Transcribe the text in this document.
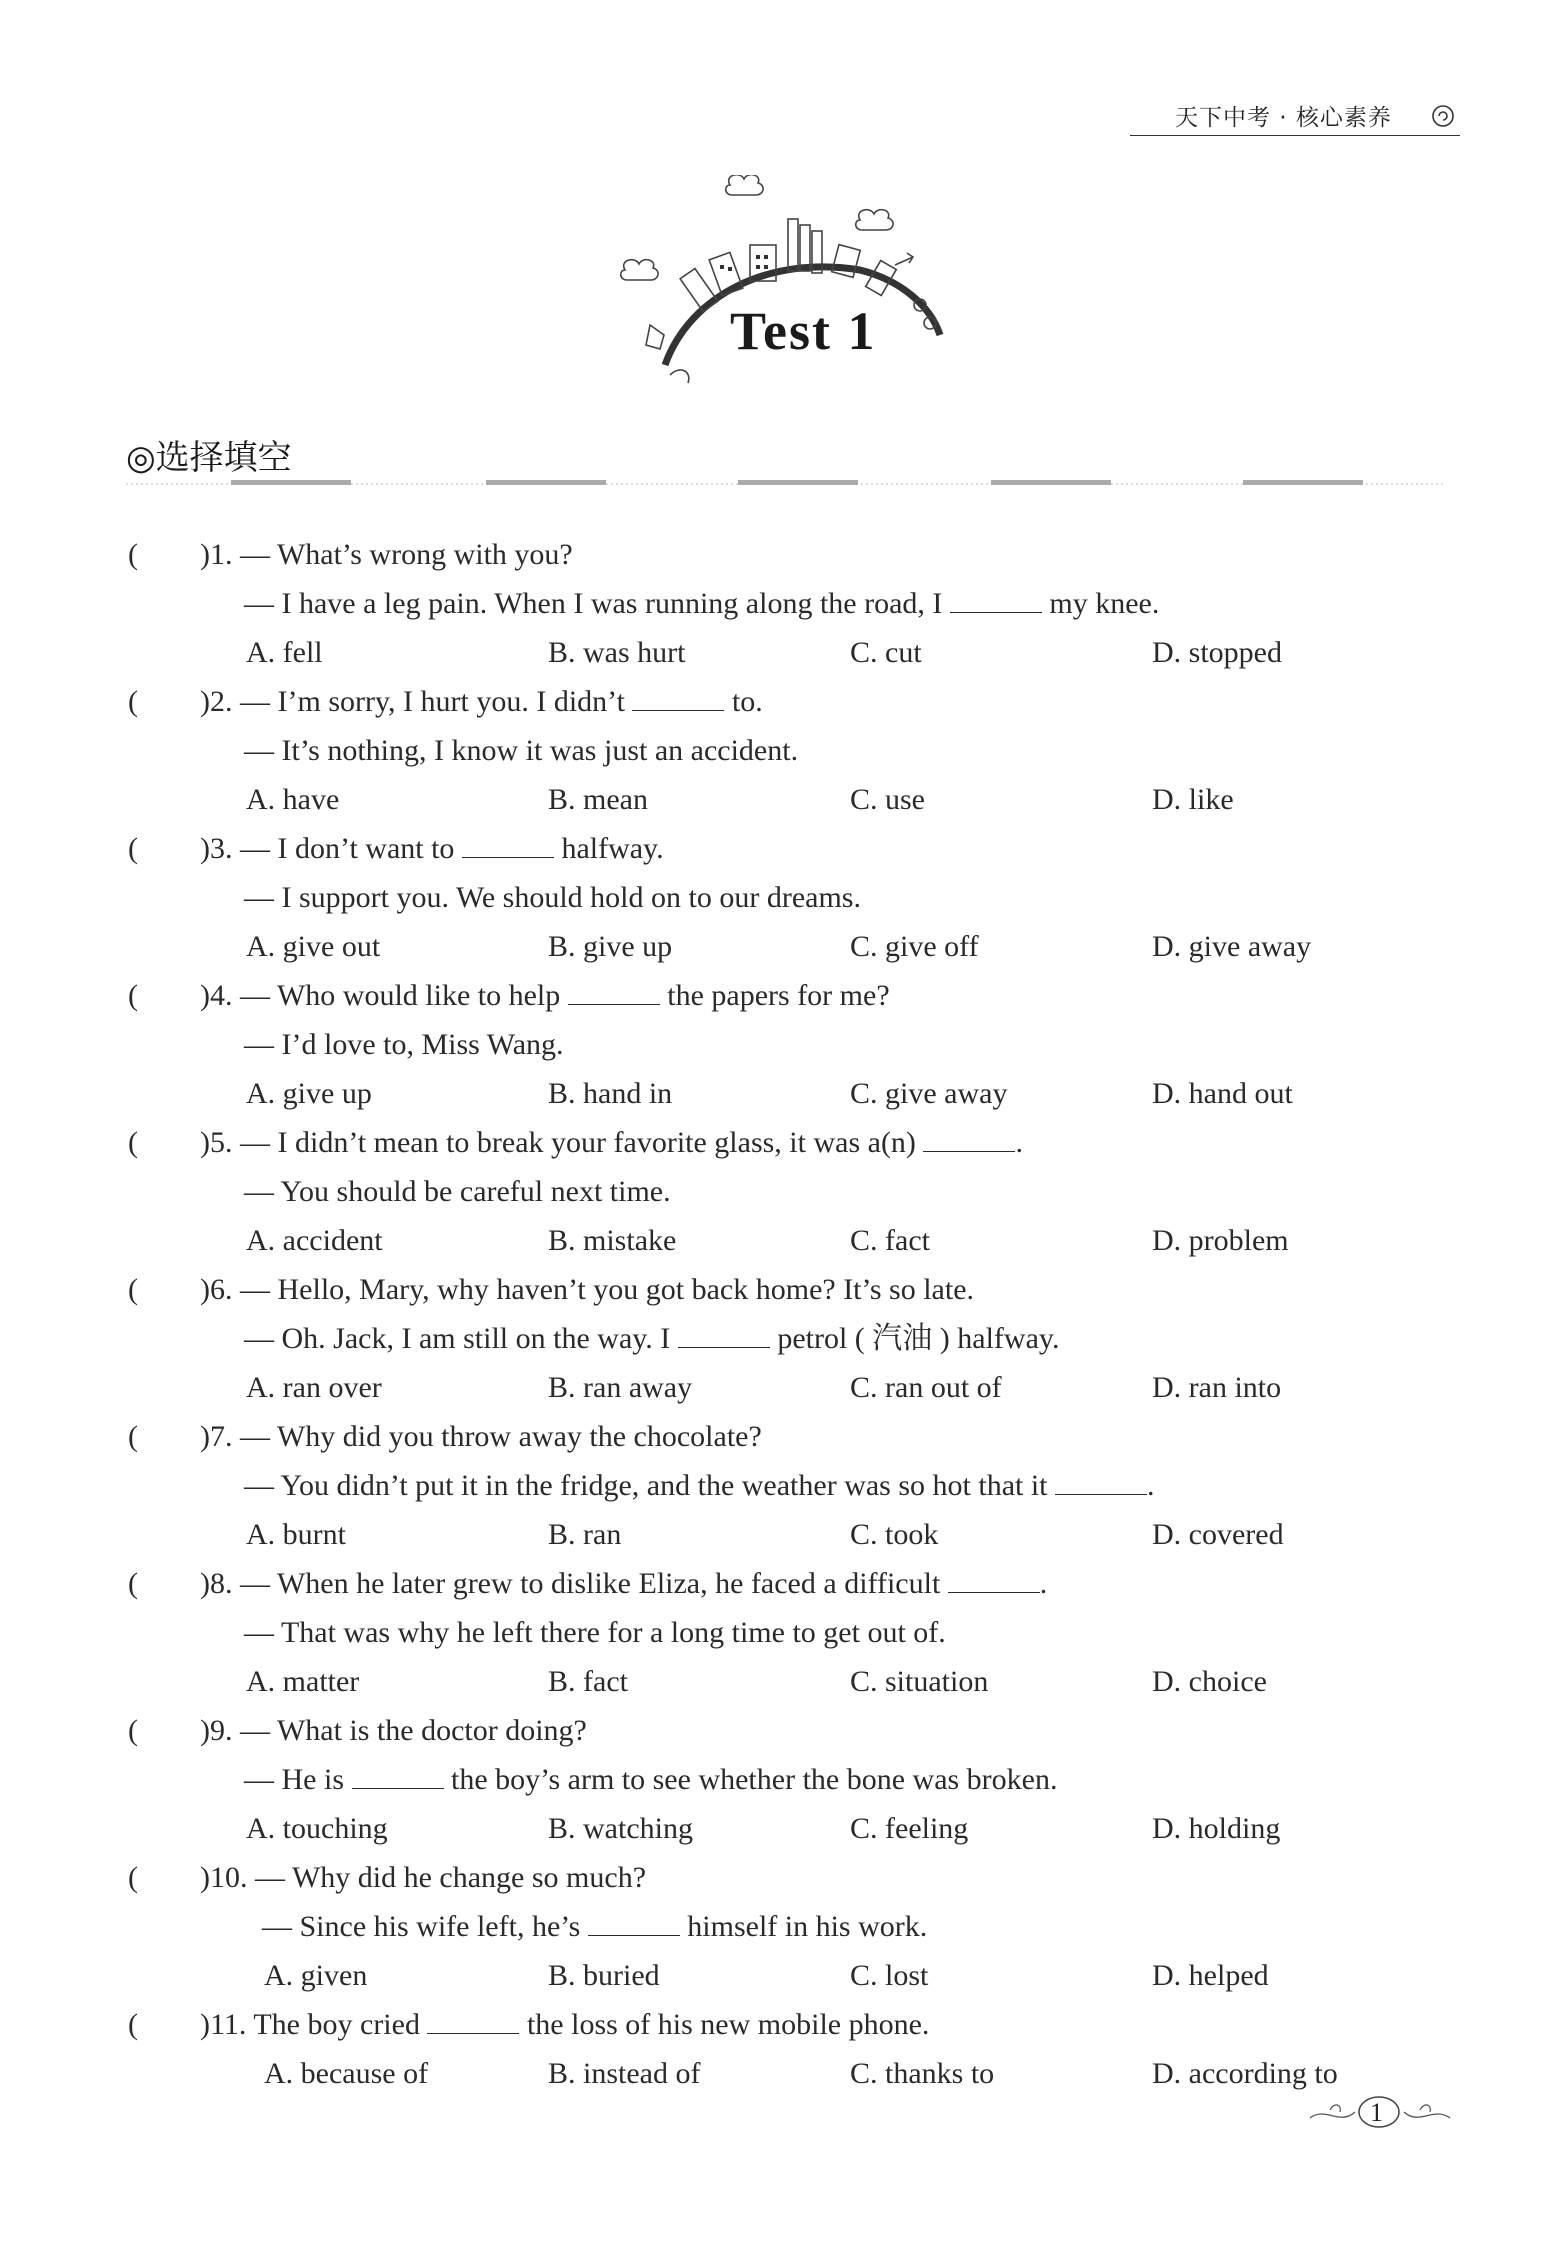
天下中考 · 核心素养
Test 1
◎选择填空
( )1. — What’s wrong with you?
— I have a leg pain. When I was running along the road, I	my knee.
A. fell	B. was hurt	C. cut	D. stopped
( )2. — I’m sorry, I hurt you. I didn’t	to.
— It’s nothing, I know it was just an accident.
A. have	B. mean	C. use	D. like
( )3. — I don’t want to	halfway.
— I support you. We should hold on to our dreams.
A. give out	B. give up	C. give off	D. give away
( )4. — Who would like to help	the papers for me?
— I’d love to, Miss Wang.
A. give up	B. hand in	C. give away	D. hand out
( )5. — I didn’t mean to break your favorite glass, it was a(n)	.
— You should be careful next time.
A. accident	B. mistake	C. fact	D. problem
( )6. — Hello, Mary, why haven’t you got back home? It’s so late.
— Oh. Jack, I am still on the way. I	petrol ( 汽油 ) halfway.
A. ran over	B. ran away	C. ran out of	D. ran into
( )7. — Why did you throw away the chocolate?
— You didn’t put it in the fridge, and the weather was so hot that it	.
A. burnt	B. ran	C. took	D. covered
( )8. — When he later grew to dislike Eliza, he faced a difficult	.
— That was why he left there for a long time to get out of.
A. matter	B. fact	C. situation	D. choice
( )9. — What is the doctor doing?
— He is	the boy’s arm to see whether the bone was broken.
A. touching	B. watching	C. feeling	D. holding
( )10. — Why did he change so much?
— Since his wife left, he’s	himself in his work.
A. given	B. buried	C. lost	D. helped
( )11. The boy cried	the loss of his new mobile phone.
A. because of	B. instead of	C. thanks to	D. according to
1
